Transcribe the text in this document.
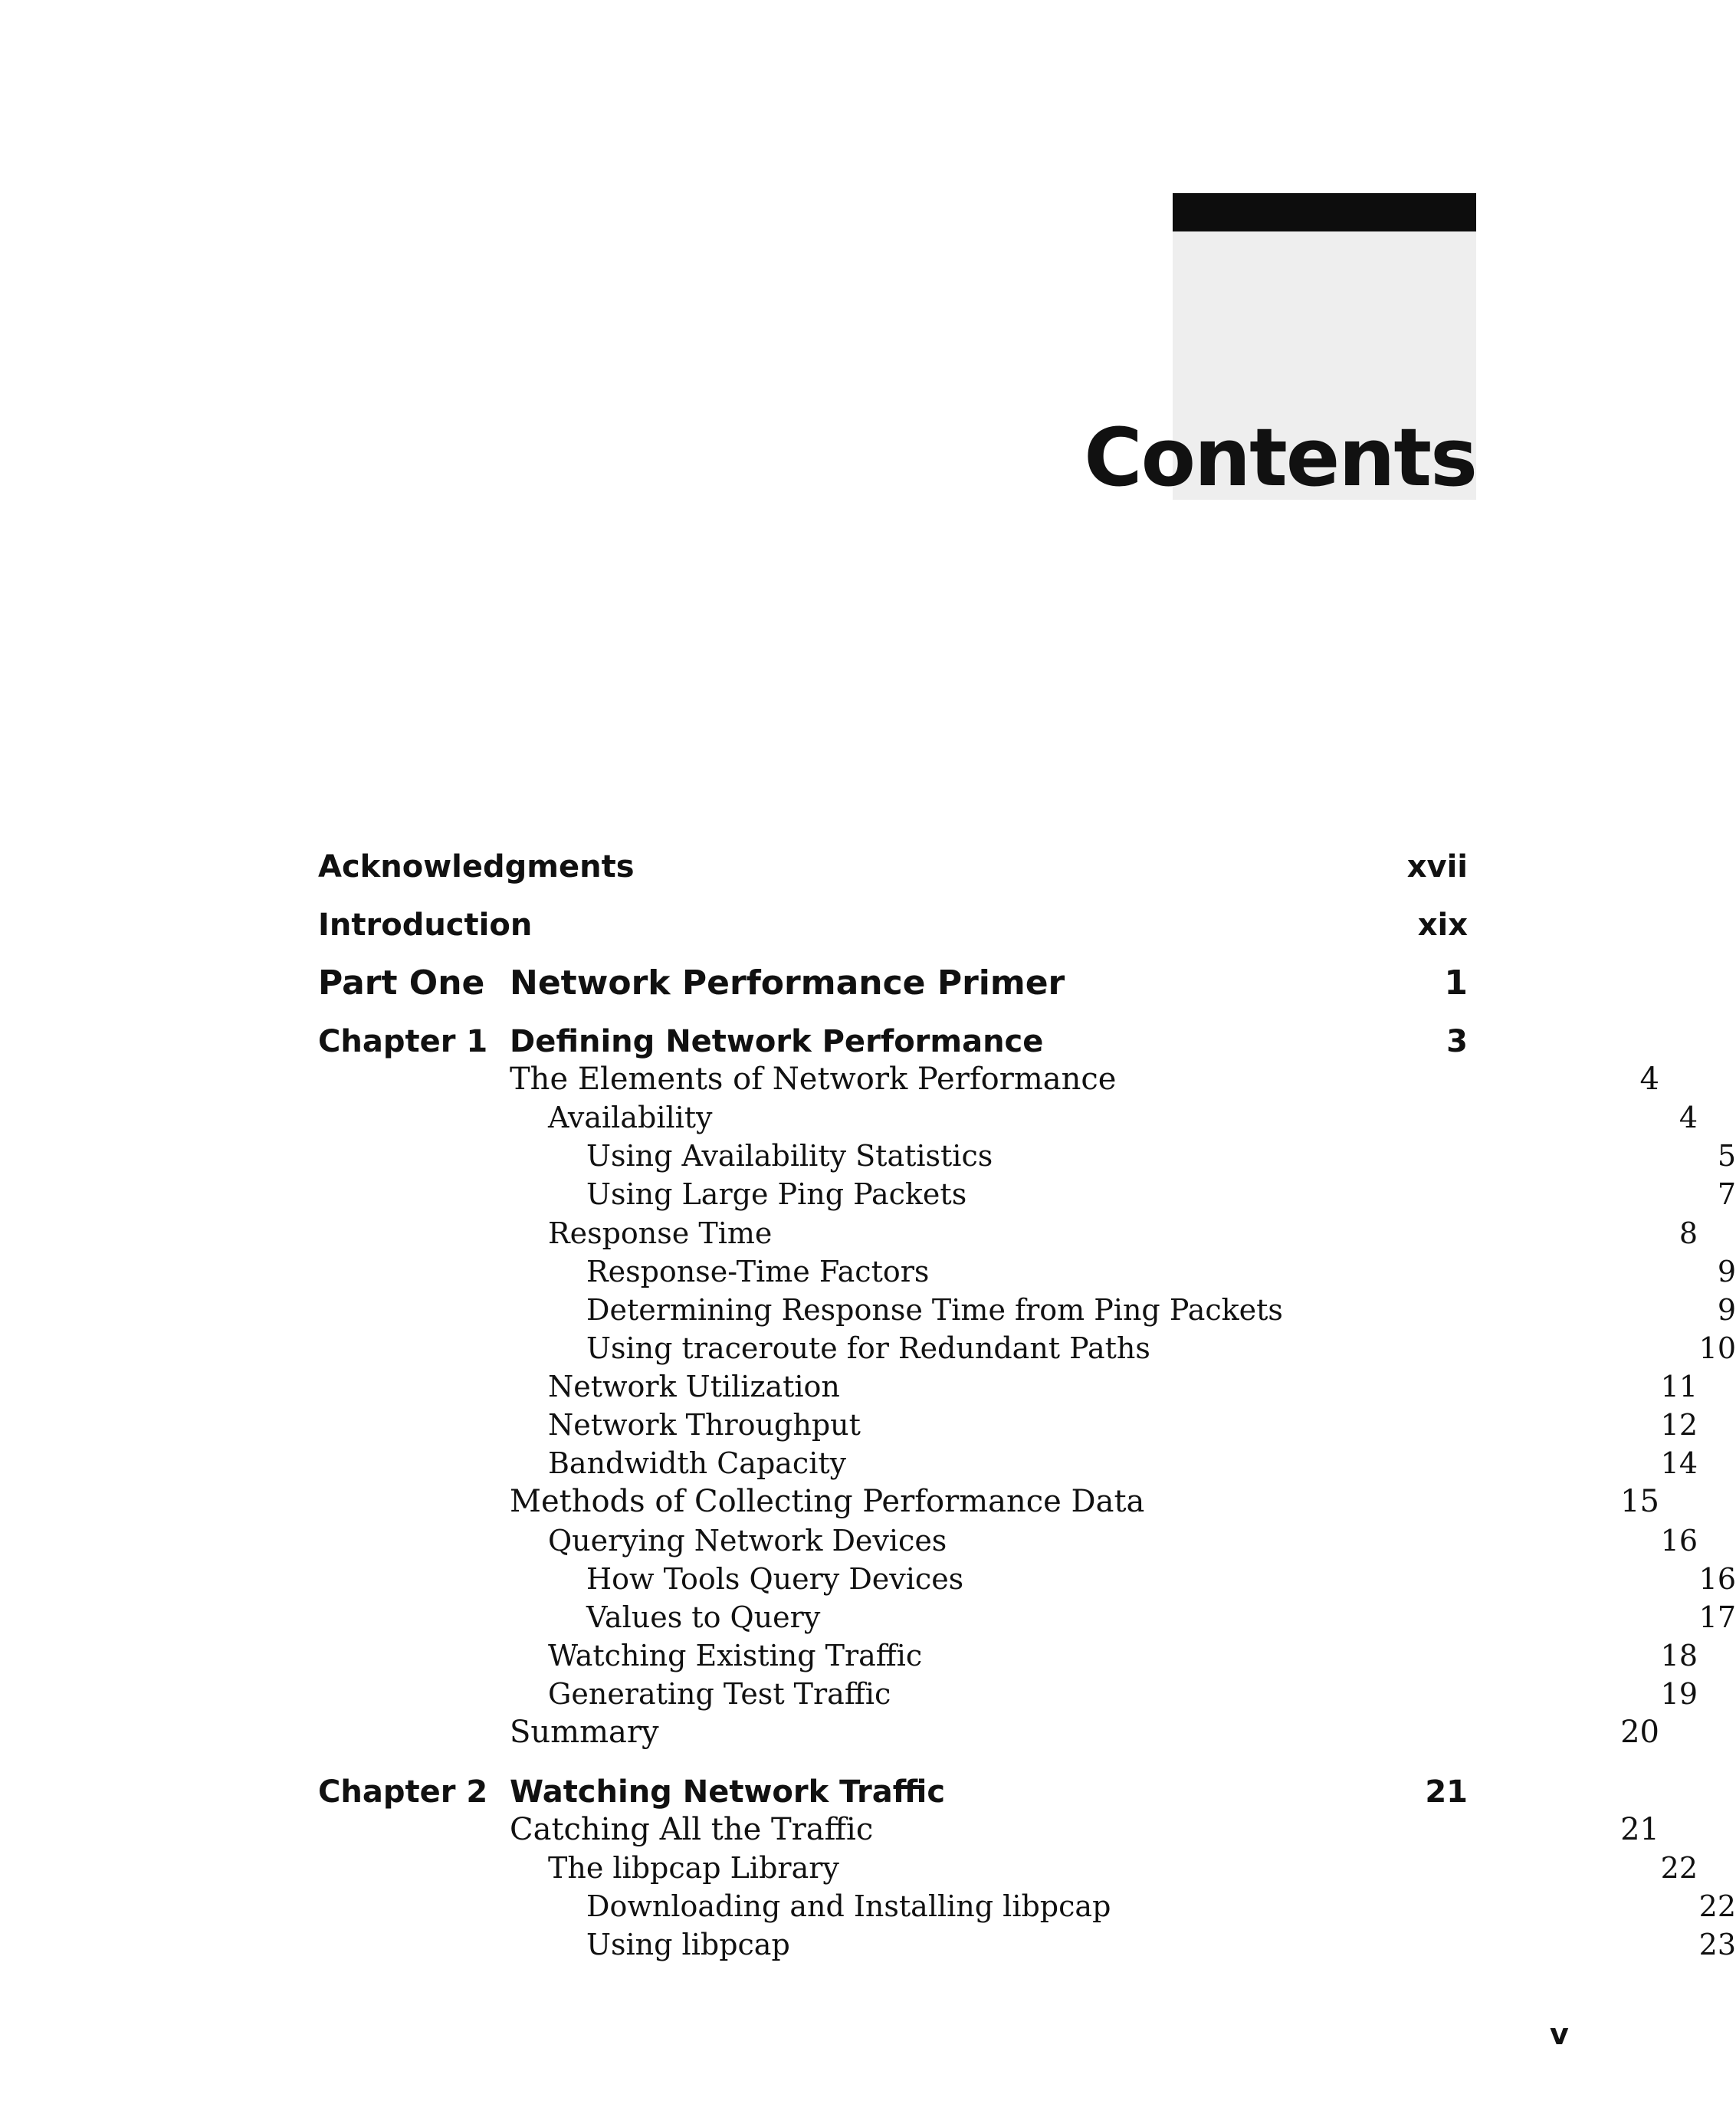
Contents
Acknowledgments	xvii
Introduction	xix
Part One Network Performance Primer	1
Chapter 1 Defining Network Performance	3
The Elements of Network Performance	4
Availability	4
Using Availability Statistics	5
Using Large Ping Packets	7
Response Time	8
Response-Time Factors	9
Determining Response Time from Ping Packets	9
Using traceroute for Redundant Paths	10
Network Utilization	11
Network Throughput	12
Bandwidth Capacity	14
Methods of Collecting Performance Data	15
Querying Network Devices	16
How Tools Query Devices	16
Values to Query	17
Watching Existing Traffic	18
Generating Test Traffic	19
Summary	20
Chapter 2 Watching Network Traffic	21
Catching All the Traffic	21
The libpcap Library	22
Downloading and Installing libpcap	22
Using libpcap	23
v
